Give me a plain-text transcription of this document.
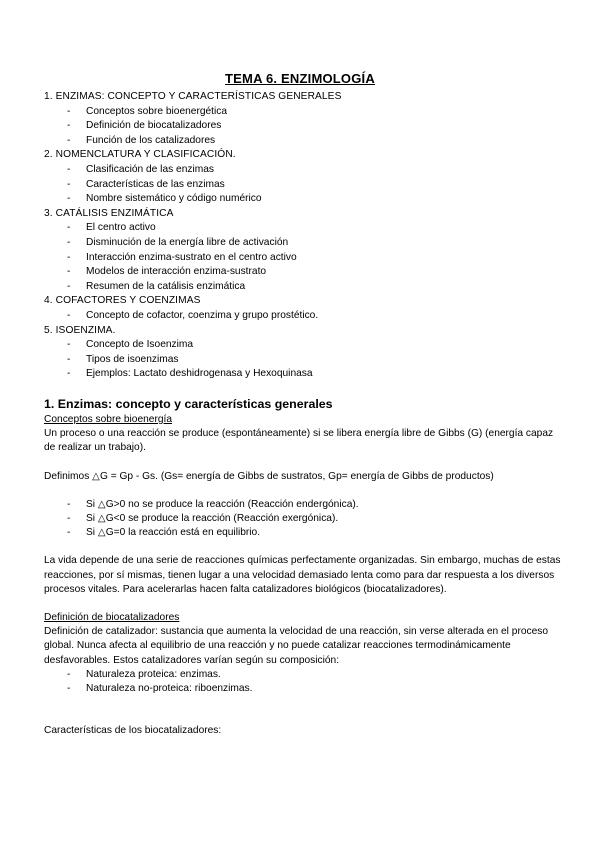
TEMA 6. ENZIMOLOGÍA
1. ENZIMAS: CONCEPTO Y CARACTERÍSTICAS GENERALES
- Conceptos sobre bioenergética
- Definición de biocatalizadores
- Función de los catalizadores
2. NOMENCLATURA Y CLASIFICACIÓN.
- Clasificación de las enzimas
- Características de las enzimas
- Nombre sistemático y código numérico
3. CATÁLISIS ENZIMÁTICA
- El centro activo
- Disminución de la energía libre de activación
- Interacción enzima-sustrato en el centro activo
- Modelos de interacción enzima-sustrato
- Resumen de la catálisis enzimática
4. COFACTORES Y COENZIMAS
- Concepto de cofactor, coenzima y grupo prostético.
5. ISOENZIMA.
- Concepto de Isoenzima
- Tipos de isoenzimas
- Ejemplos: Lactato deshidrogenasa y Hexoquinasa
1. Enzimas: concepto y características generales
Conceptos sobre bioenergía

Un proceso o una reacción se produce (espontáneamente) si se libera energía libre de Gibbs (G) (energía capaz de realizar un trabajo).

Definimos △G = Gp - Gs. (Gs= energía de Gibbs de sustratos, Gp= energía de Gibbs de productos)

- Si △G>0 no se produce la reacción (Reacción endergónica).
- Si △G<0 se produce la reacción (Reacción exergónica).
- Si △G=0 la reacción está en equilibrio.

La vida depende de una serie de reacciones químicas perfectamente organizadas. Sin embargo, muchas de estas reacciones, por sí mismas, tienen lugar a una velocidad demasiado lenta como para dar respuesta a los diversos procesos vitales. Para acelerarlas hacen falta catalizadores biológicos (biocatalizadores).

Definición de biocatalizadores

Definición de catalizador: sustancia que aumenta la velocidad de una reacción, sin verse alterada en el proceso global. Nunca afecta al equilibrio de una reacción y no puede catalizar reacciones termodinámicamente desfavorables. Estos catalizadores varían según su composición:

- Naturaleza proteica: enzimas.
- Naturaleza no-proteica: riboenzimas.

Características de los biocatalizadores:
